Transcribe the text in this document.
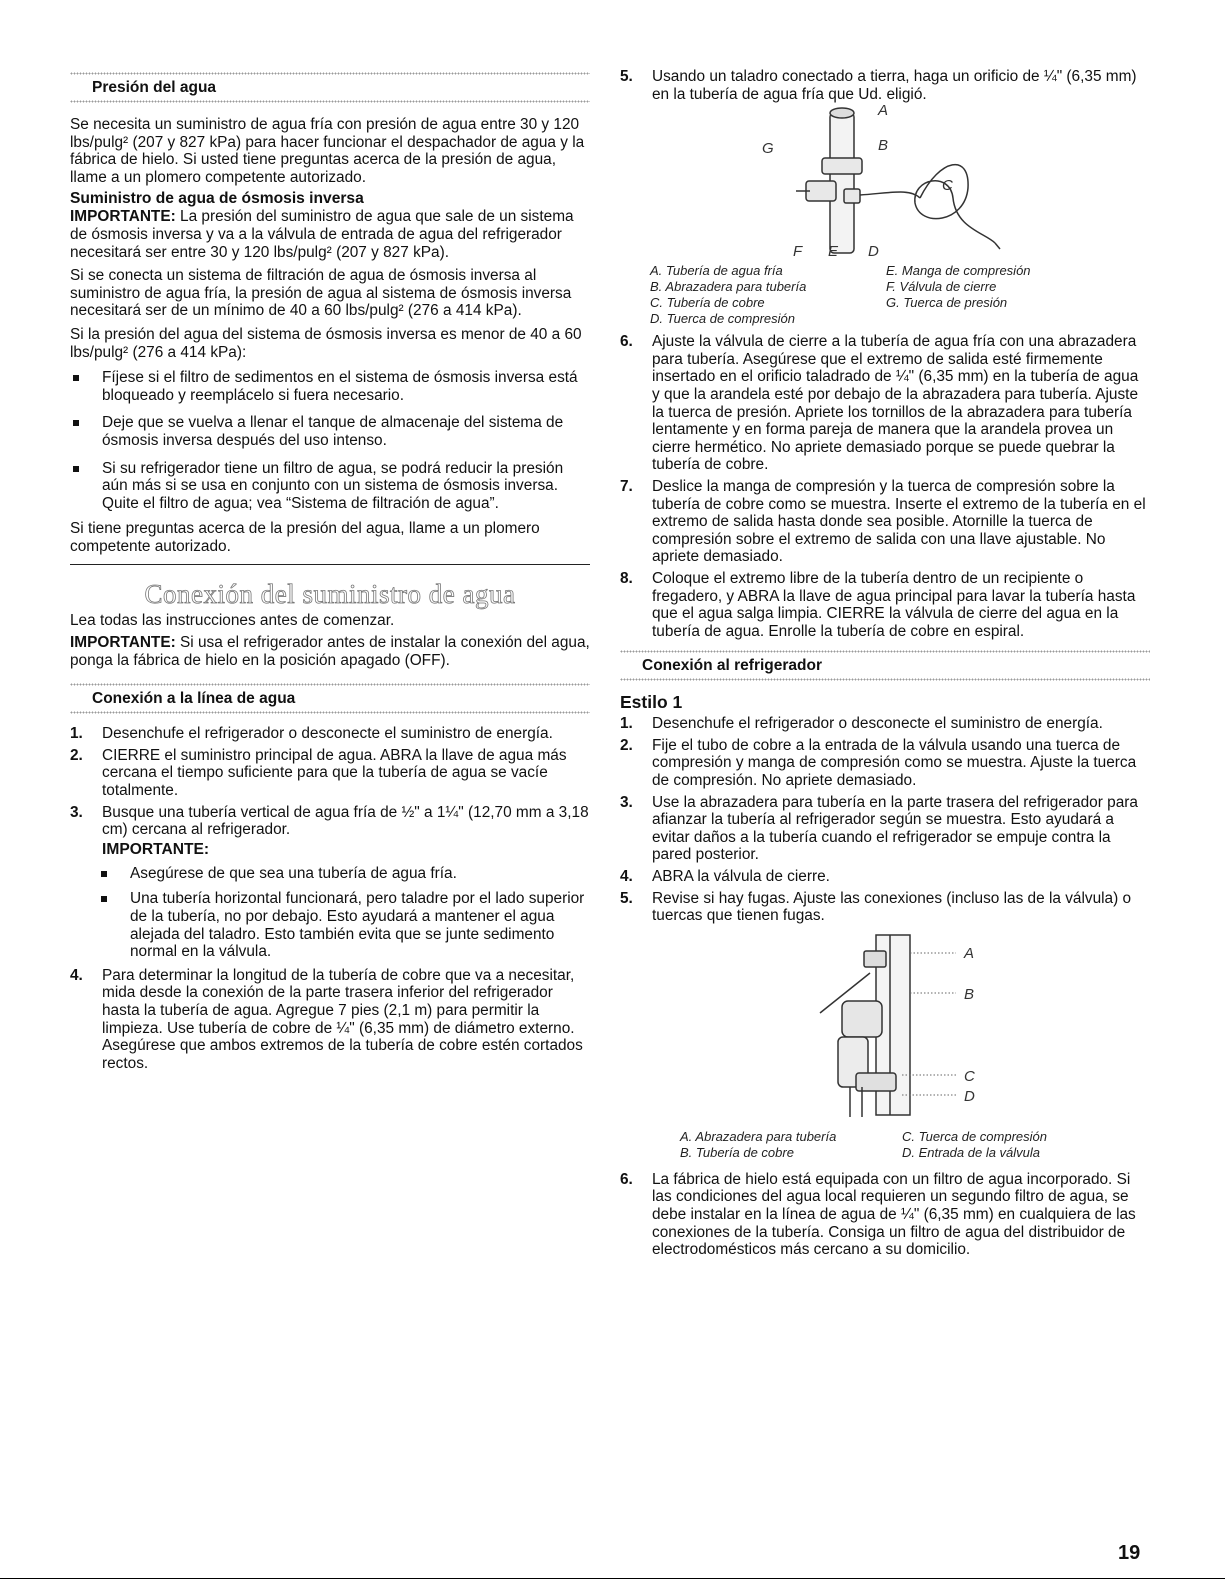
Presión del agua

Se necesita un suministro de agua fría con presión de agua entre 30 y 120 lbs/pulg² (207 y 827 kPa) para hacer funcionar el despachador de agua y la fábrica de hielo. Si usted tiene preguntas acerca de la presión de agua, llame a un plomero competente autorizado.

Suministro de agua de ósmosis inversa

IMPORTANTE: La presión del suministro de agua que sale de un sistema de ósmosis inversa y va a la válvula de entrada de agua del refrigerador necesitará ser entre 30 y 120 lbs/pulg² (207 y 827 kPa).

Si se conecta un sistema de filtración de agua de ósmosis inversa al suministro de agua fría, la presión de agua al sistema de ósmosis inversa necesitará ser de un mínimo de 40 a 60 lbs/pulg² (276 a 414 kPa).

Si la presión del agua del sistema de ósmosis inversa es menor de 40 a 60 lbs/pulg² (276 a 414 kPa):

Fíjese si el filtro de sedimentos en el sistema de ósmosis inversa está bloqueado y reemplácelo si fuera necesario.
Deje que se vuelva a llenar el tanque de almacenaje del sistema de ósmosis inversa después del uso intenso.
Si su refrigerador tiene un filtro de agua, se podrá reducir la presión aún más si se usa en conjunto con un sistema de ósmosis inversa. Quite el filtro de agua; vea “Sistema de filtración de agua”.

Si tiene preguntas acerca de la presión del agua, llame a un plomero competente autorizado.

Conexión del suministro de agua

Lea todas las instrucciones antes de comenzar.

IMPORTANTE: Si usa el refrigerador antes de instalar la conexión del agua, ponga la fábrica de hielo en la posición apagado (OFF).

Conexión a la línea de agua
1. Desenchufe el refrigerador o desconecte el suministro de energía.
2. CIERRE el suministro principal de agua. ABRA la llave de agua más cercana el tiempo suficiente para que la tubería de agua se vacíe totalmente.
3. Busque una tubería vertical de agua fría de ½" a 1¼" (12,70 mm a 3,18 cm) cercana al refrigerador.
IMPORTANTE:
Asegúrese de que sea una tubería de agua fría.
Una tubería horizontal funcionará, pero taladre por el lado superior de la tubería, no por debajo. Esto ayudará a mantener el agua alejada del taladro. Esto también evita que se junte sedimento normal en la válvula.
4. Para determinar la longitud de la tubería de cobre que va a necesitar, mida desde la conexión de la parte trasera inferior del refrigerador hasta la tubería de agua. Agregue 7 pies (2,1 m) para permitir la limpieza. Use tubería de cobre de ¼" (6,35 mm) de diámetro externo. Asegúrese que ambos extremos de la tubería de cobre estén cortados rectos.
5. Usando un taladro conectado a tierra, haga un orificio de ¼" (6,35 mm) en la tubería de agua fría que Ud. eligió.
A
B
C
D
E
F
G
A. Tubería de agua fría	E. Manga de compresión
B. Abrazadera para tubería	F. Válvula de cierre
C. Tubería de cobre	G. Tuerca de presión
D. Tuerca de compresión	
6. Ajuste la válvula de cierre a la tubería de agua fría con una abrazadera para tubería. Asegúrese que el extremo de salida esté firmemente insertado en el orificio taladrado de ¼" (6,35 mm) en la tubería de agua y que la arandela esté por debajo de la abrazadera para tubería. Ajuste la tuerca de presión. Apriete los tornillos de la abrazadera para tubería lentamente y en forma pareja de manera que la arandela provea un cierre hermético. No apriete demasiado porque se puede quebrar la tubería de cobre.
7. Deslice la manga de compresión y la tuerca de compresión sobre la tubería de cobre como se muestra. Inserte el extremo de la tubería en el extremo de salida hasta donde sea posible. Atornille la tuerca de compresión sobre el extremo de salida con una llave ajustable. No apriete demasiado.
8. Coloque el extremo libre de la tubería dentro de un recipiente o fregadero, y ABRA la llave de agua principal para lavar la tubería hasta que el agua salga limpia. CIERRE la válvula de cierre del agua en la tubería de agua. Enrolle la tubería de cobre en espiral.
Conexión al refrigerador
Estilo 1
1. Desenchufe el refrigerador o desconecte el suministro de energía.
2. Fije el tubo de cobre a la entrada de la válvula usando una tuerca de compresión y manga de compresión como se muestra. Ajuste la tuerca de compresión. No apriete demasiado.
3. Use la abrazadera para tubería en la parte trasera del refrigerador para afianzar la tubería al refrigerador según se muestra. Esto ayudará a evitar daños a la tubería cuando el refrigerador se empuje contra la pared posterior.
4. ABRA la válvula de cierre.
5. Revise si hay fugas. Ajuste las conexiones (incluso las de la válvula) o tuercas que tienen fugas.
A
B
C
D
A. Abrazadera para tubería	C. Tuerca de compresión
B. Tubería de cobre	D. Entrada de la válvula
6. La fábrica de hielo está equipada con un filtro de agua incorporado. Si las condiciones del agua local requieren un segundo filtro de agua, se debe instalar en la línea de agua de ¼" (6,35 mm) en cualquiera de las conexiones de la tubería. Consiga un filtro de agua del distribuidor de electrodomésticos más cercano a su domicilio.
19
